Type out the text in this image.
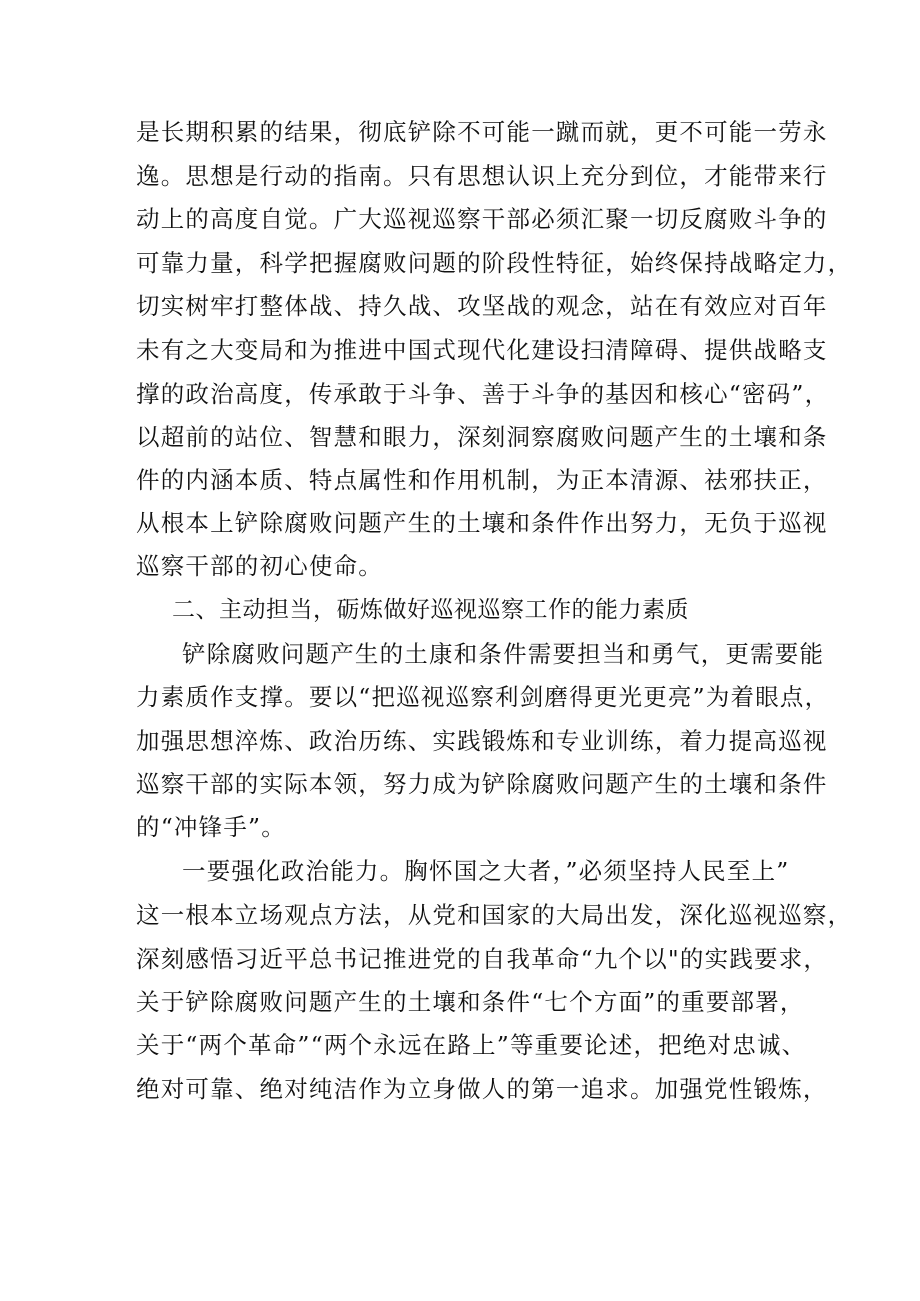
是长期积累的结果，彻底铲除不可能一蹴而就，更不可能一劳永
逸。思想是行动的指南。只有思想认识上充分到位，才能带来行
动上的高度自觉。广大巡视巡察干部必须汇聚一切反腐败斗争的
可靠力量，科学把握腐败问题的阶段性特征，始终保持战略定力，
切实树牢打整体战、持久战、攻坚战的观念，站在有效应对百年
未有之大变局和为推进中国式现代化建设扫清障碍、提供战略支
撑的政治高度，传承敢于斗争、善于斗争的基因和核心“密码”，
以超前的站位、智慧和眼力，深刻洞察腐败问题产生的土壤和条
件的内涵本质、特点属性和作用机制，为正本清源、祛邪扶正，
从根本上铲除腐败问题产生的土壤和条件作出努力，无负于巡视
巡察干部的初心使命。
二、主动担当，砺炼做好巡视巡察工作的能力素质
铲除腐败问题产生的土康和条件需要担当和勇气，更需要能
力素质作支撑。要以“把巡视巡察利剑磨得更光更亮”为着眼点，
加强思想淬炼、政治历练、实践锻炼和专业训练，着力提高巡视
巡察干部的实际本领，努力成为铲除腐败问题产生的土壤和条件
的“冲锋手”。
一要强化政治能力。胸怀国之大者，”必须坚持人民至上”
这一根本立场观点方法，从党和国家的大局出发，深化巡视巡察，
深刻感悟习近平总书记推进党的自我革命“九个以"的实践要求，
关于铲除腐败问题产生的土壤和条件“七个方面”的重要部署，
关于“两个革命”“两个永远在路上”等重要论述，把绝对忠诚、
绝对可靠、绝对纯洁作为立身做人的第一追求。加强党性锻炼，
